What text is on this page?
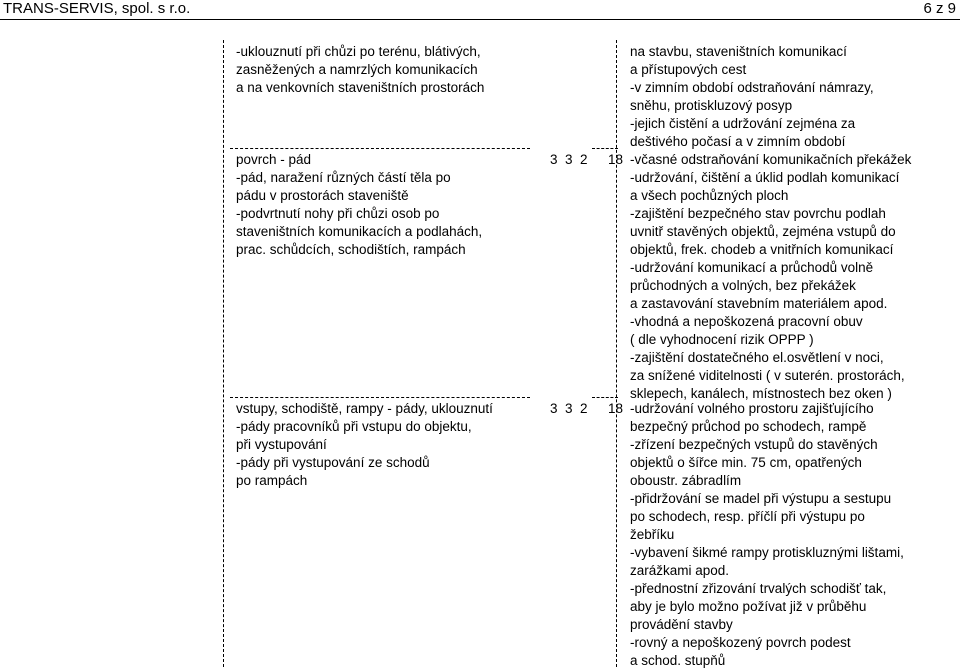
TRANS-SERVIS, spol. s r.o.	6 z 9
-uklouznutí při chůzi po terénu, blátivých,
zasněžených a namrzlých komunikacích
a na venkovních staveništních prostorách
na stavbu, staveništních komunikací
a přístupových cest
-v zimním období odstraňování námrazy,
sněhu, protiskluzový posyp
-jejich čistění a udržování zejména za
deštivého počasí a v zimním období
povrch - pád
-pád, naražení různých částí těla po
pádu v prostorách staveniště
-podvrtnutí nohy při chůzi osob po
staveništních komunikacích a podlahách,
prac. schůdcích, schodištích, rampách
3 3 2 18 -včasné odstraňování komunikačních překážek
-udržování, čištění a úklid podlah komunikací
a všech pochůzných ploch
-zajištění bezpečného stav povrchu podlah
uvnitř stavěných objektů, zejména vstupů do
objektů, frek. chodeb a vnitřních komunikací
-udržování komunikací a průchodů volně
průchodných a volných, bez překážek
a zastavování stavebním materiálem apod.
-vhodná a nepoškozená pracovní obuv
( dle vyhodnocení rizik OPPP )
-zajištění dostatečného el.osvětlení v noci,
za snížené viditelnosti ( v suterén. prostorách,
sklepech, kanálech, místnostech bez oken )
vstupy, schodiště, rampy - pády, uklouznutí
-pády pracovníků při vstupu do objektu,
při vystupování
-pády při vystupování ze schodů
po rampách
3 3 2 18 -udržování volného prostoru zajišťujícího
bezpečný průchod po schodech, rampě
-zřízení bezpečných vstupů do stavěných
objektů o šířce min. 75 cm, opatřených
oboustr. zábradlím
-přidržování se madel při výstupu a sestupu
po schodech, resp. příčlí při výstupu po
žebříku
-vybavení šikmé rampy protiskluznými lištami,
zarážkami apod.
-přednostní zřizování trvalých schodišť tak,
aby je bylo možno požívat již v průběhu
provádění stavby
-rovný a nepoškozený povrch podest
a schod. stupňů
